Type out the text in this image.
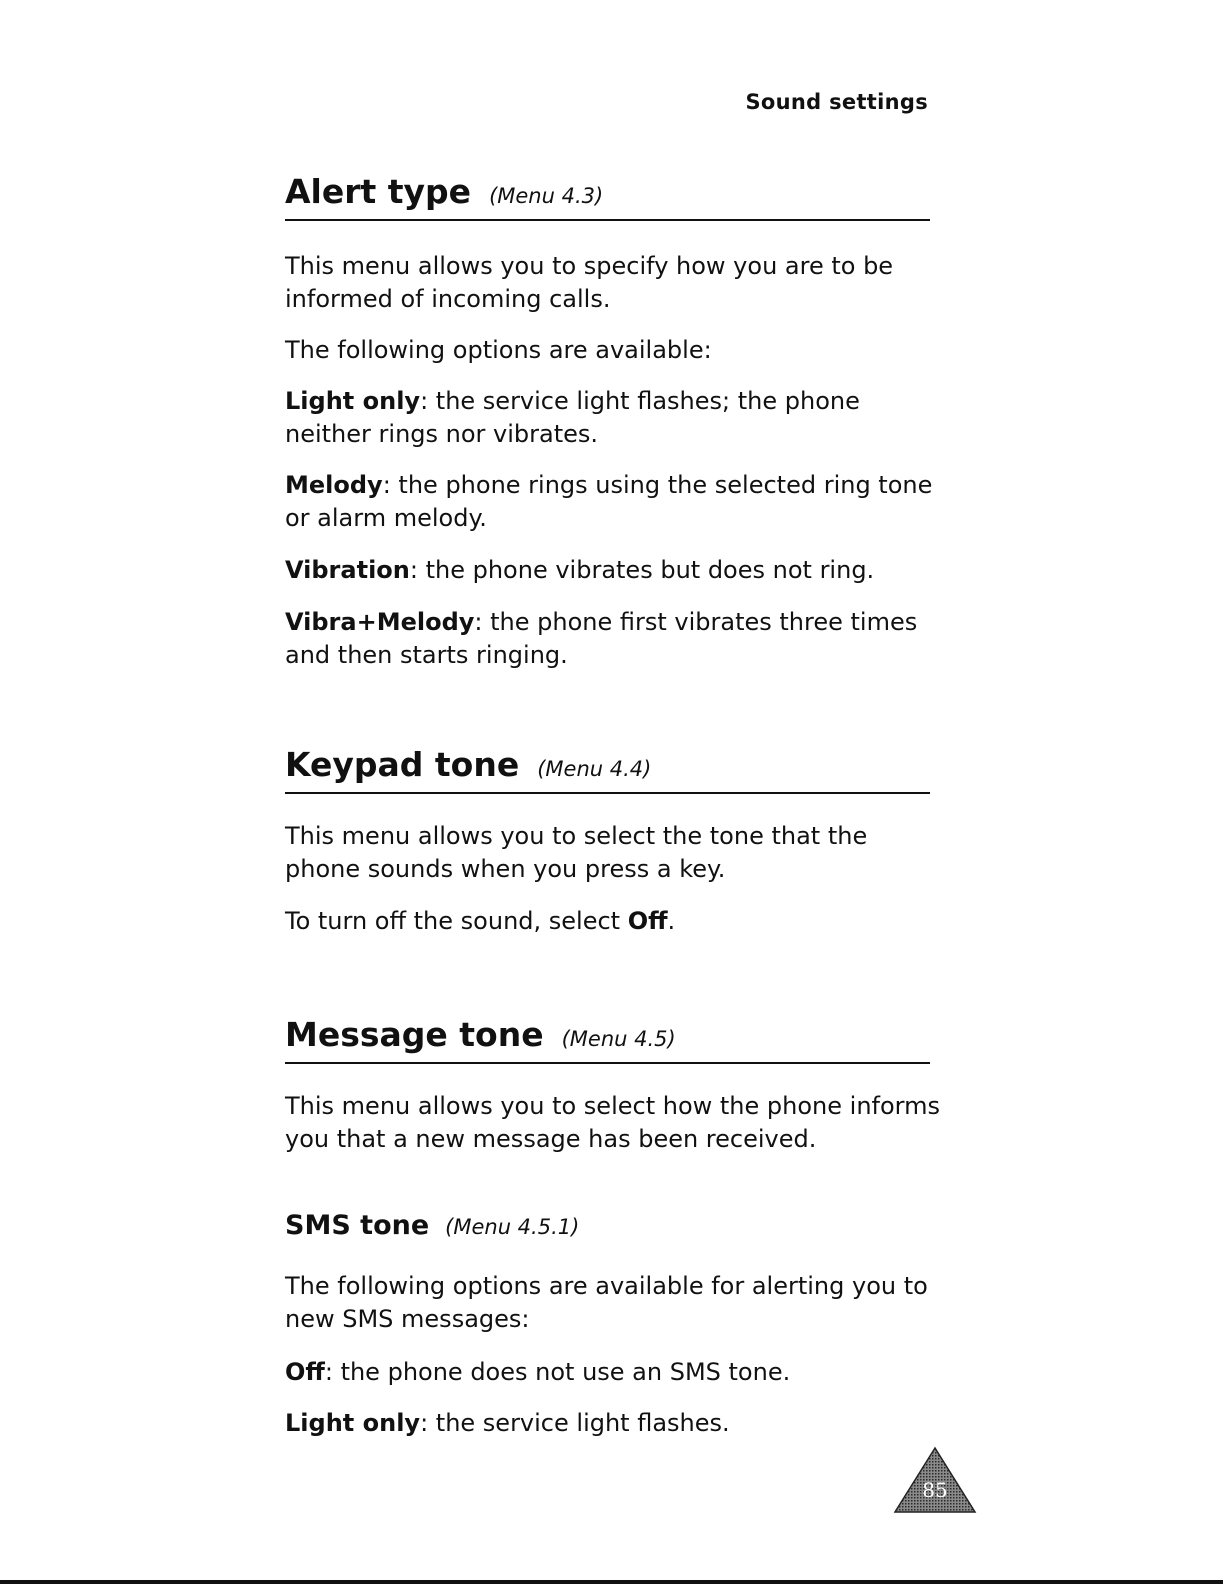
Sound settings
Alert type (Menu 4.3)

This menu allows you to specify how you are to be informed of incoming calls.

The following options are available:

Light only: the service light flashes; the phone neither rings nor vibrates.

Melody: the phone rings using the selected ring tone or alarm melody.

Vibration: the phone vibrates but does not ring.

Vibra+Melody: the phone first vibrates three times and then starts ringing.

Keypad tone (Menu 4.4)

This menu allows you to select the tone that the phone sounds when you press a key.

To turn off the sound, select Off.

Message tone (Menu 4.5)

This menu allows you to select how the phone informs you that a new message has been received.

SMS tone (Menu 4.5.1)

The following options are available for alerting you to new SMS messages:

Off: the phone does not use an SMS tone.

Light only: the service light flashes.

85
